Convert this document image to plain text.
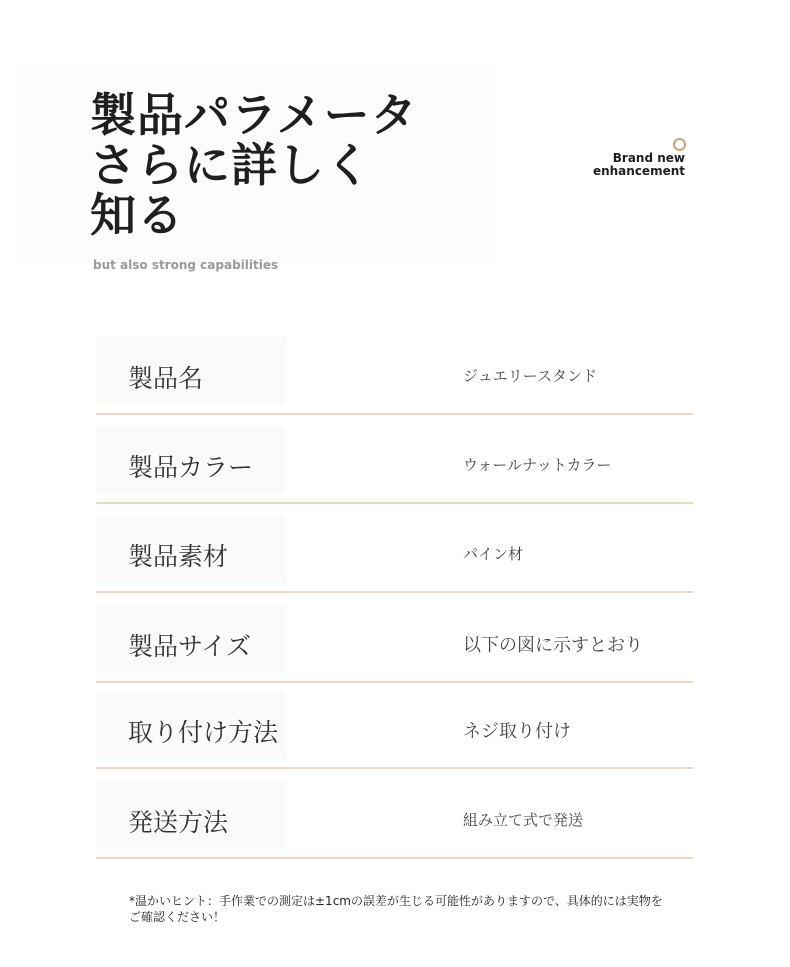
製品パラメータ
さらに詳しく
知る
but also strong capabilities
Brand new
enhancement
製品名	ジュエリースタンド
製品カラー	ウォールナットカラー
製品素材	パイン材
製品サイズ	以下の図に示すとおり
取り付け方法	ネジ取り付け
発送方法	組み立て式で発送
*温かいヒント：手作業での測定は±1cmの誤差が生じる可能性がありますので、具体的には実物をご確認ください！
